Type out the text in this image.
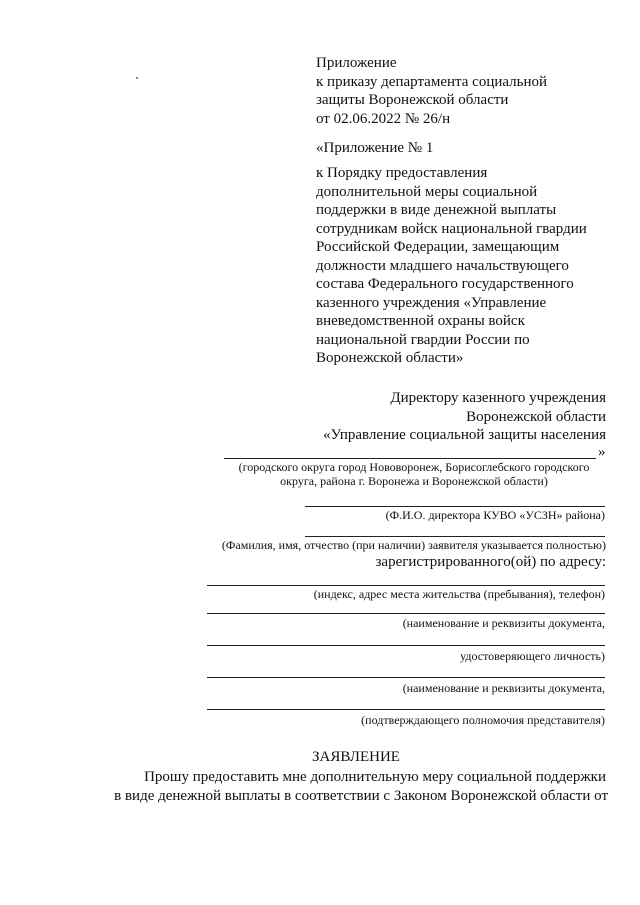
Приложение
к приказу департамента социальной
защиты Воронежской области
от 02.06.2022 № 26/н
«Приложение № 1
к Порядку предоставления
дополнительной меры социальной
поддержки в виде денежной выплаты
сотрудникам войск национальной гвардии
Российской Федерации, замещающим
должности младшего начальствующего
состава Федерального государственного
казенного учреждения «Управление
вневедомственной охраны войск
национальной гвардии России по
Воронежской области»
Директору казенного учреждения
Воронежской области
«Управление социальной защиты населения
»
(городского округа город Нововоронеж, Борисоглебского городского
округа, района г. Воронежа и Воронежской области)
(Ф.И.О. директора КУВО «УСЗН» района)
(Фамилия, имя, отчество (при наличии) заявителя указывается полностью)
зарегистрированного(ой) по адресу:
(индекс, адрес места жительства (пребывания), телефон)
(наименование и реквизиты документа,
удостоверяющего личность)
(наименование и реквизиты документа,
(подтверждающего полномочия представителя)
ЗАЯВЛЕНИЕ
Прошу предоставить мне дополнительную меру социальной поддержки
в виде денежной выплаты в соответствии с Законом Воронежской области от
